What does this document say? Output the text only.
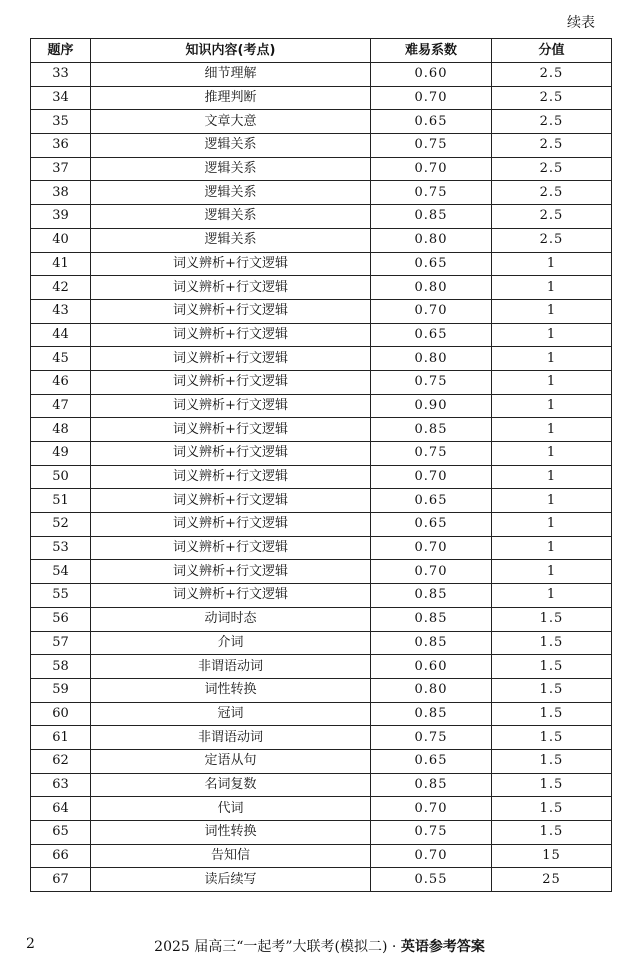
续表
题序	知识内容(考点)	难易系数	分值
33	细节理解	0.60	2.5
34	推理判断	0.70	2.5
35	文章大意	0.65	2.5
36	逻辑关系	0.75	2.5
37	逻辑关系	0.70	2.5
38	逻辑关系	0.75	2.5
39	逻辑关系	0.85	2.5
40	逻辑关系	0.80	2.5
41	词义辨析+行文逻辑	0.65	1
42	词义辨析+行文逻辑	0.80	1
43	词义辨析+行文逻辑	0.70	1
44	词义辨析+行文逻辑	0.65	1
45	词义辨析+行文逻辑	0.80	1
46	词义辨析+行文逻辑	0.75	1
47	词义辨析+行文逻辑	0.90	1
48	词义辨析+行文逻辑	0.85	1
49	词义辨析+行文逻辑	0.75	1
50	词义辨析+行文逻辑	0.70	1
51	词义辨析+行文逻辑	0.65	1
52	词义辨析+行文逻辑	0.65	1
53	词义辨析+行文逻辑	0.70	1
54	词义辨析+行文逻辑	0.70	1
55	词义辨析+行文逻辑	0.85	1
56	动词时态	0.85	1.5
57	介词	0.85	1.5
58	非谓语动词	0.60	1.5
59	词性转换	0.80	1.5
60	冠词	0.85	1.5
61	非谓语动词	0.75	1.5
62	定语从句	0.65	1.5
63	名词复数	0.85	1.5
64	代词	0.70	1.5
65	词性转换	0.75	1.5
66	告知信	0.70	15
67	读后续写	0.55	25
2	2025 届高三“一起考”大联考(模拟二) · 英语参考答案
